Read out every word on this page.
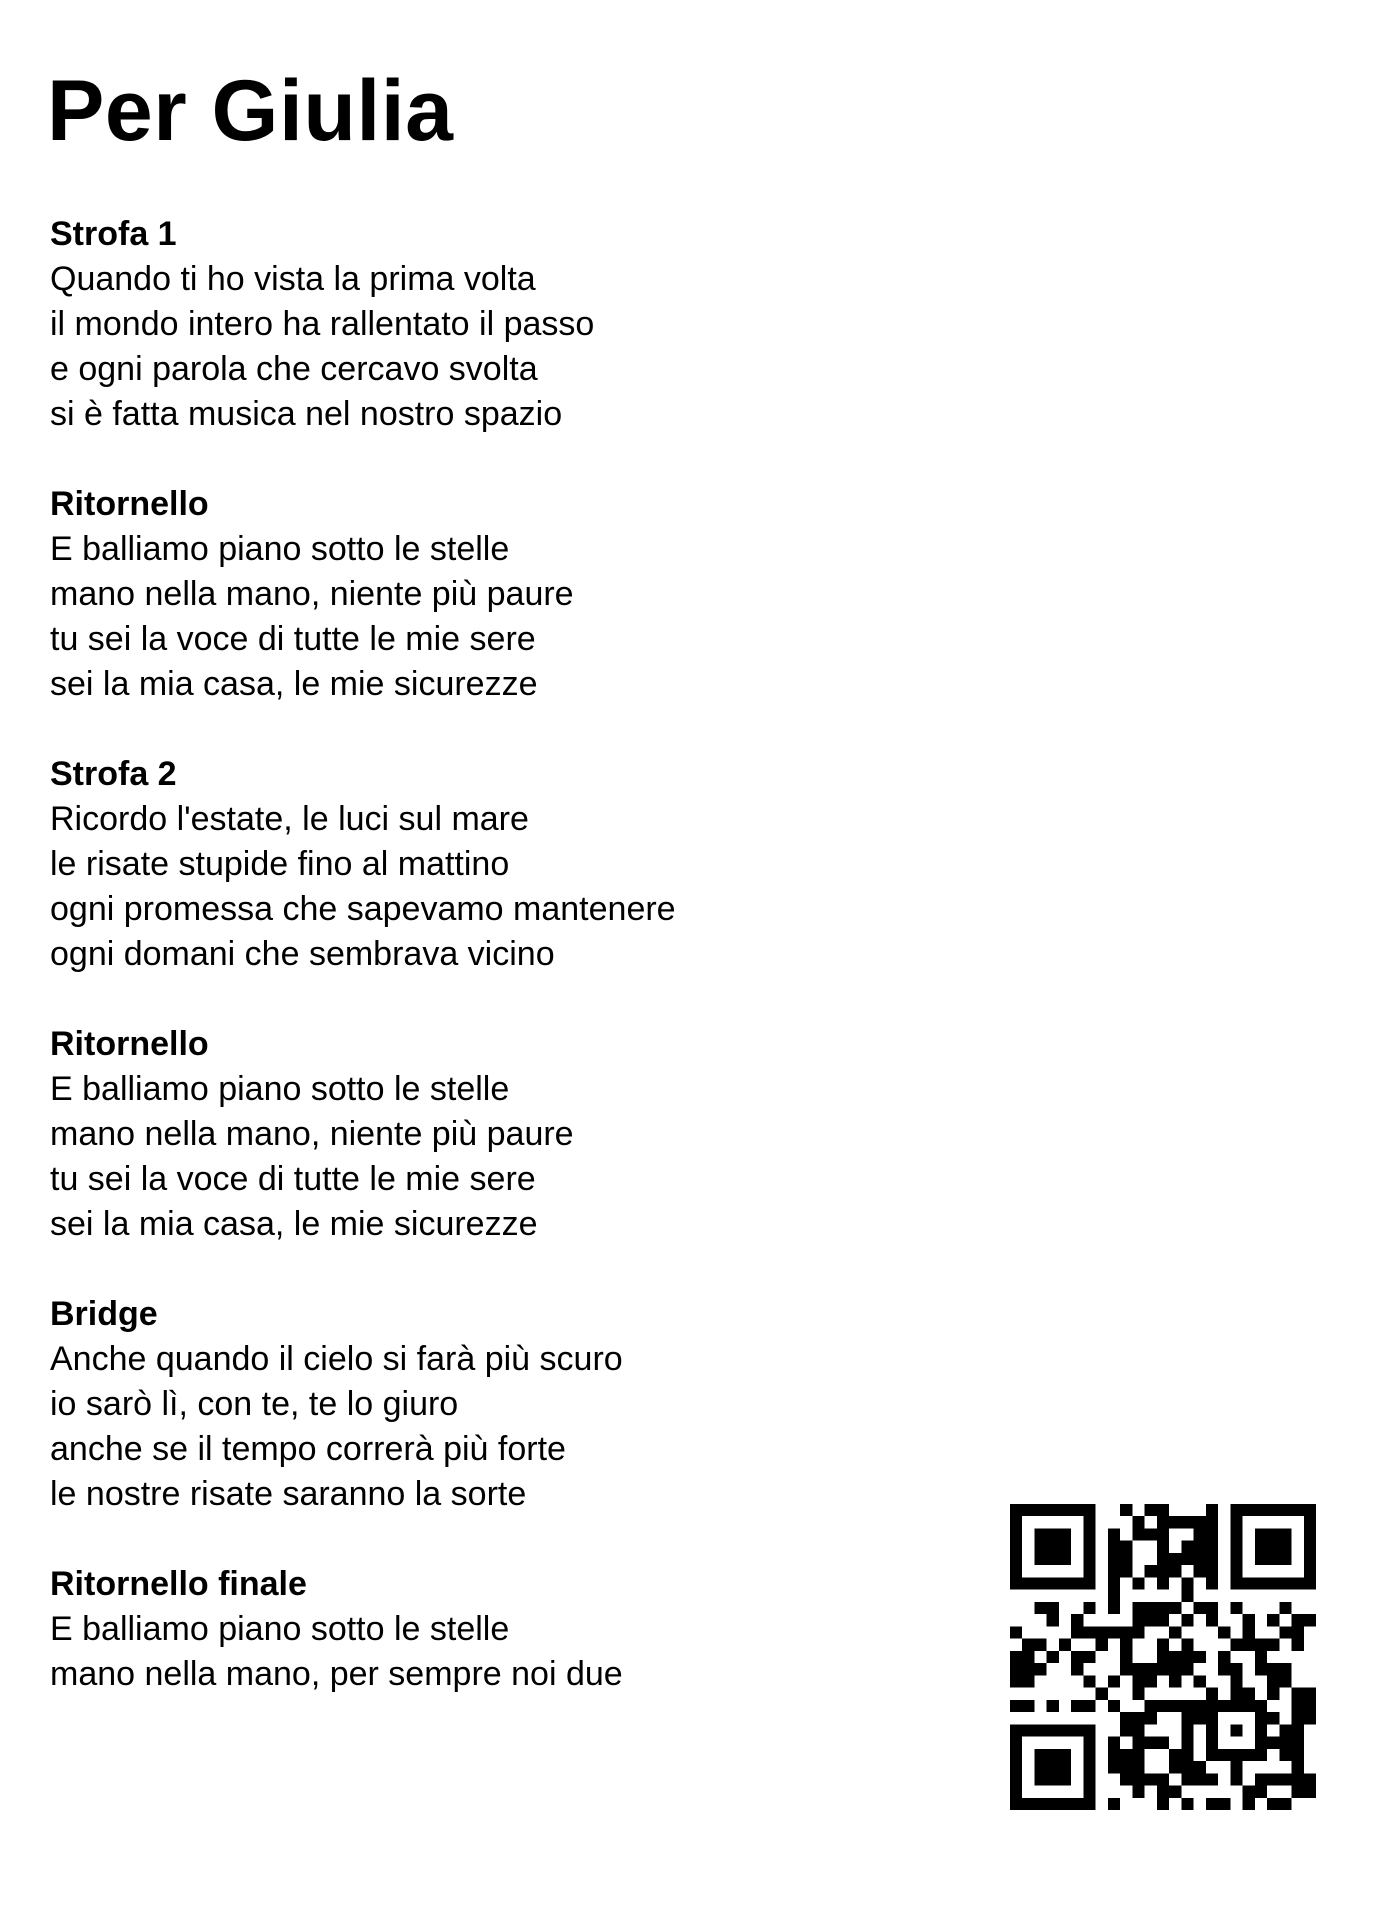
Per Giulia
Strofa 1
Quando ti ho vista la prima volta
il mondo intero ha rallentato il passo
e ogni parola che cercavo svolta
si è fatta musica nel nostro spazio
Ritornello
E balliamo piano sotto le stelle
mano nella mano, niente più paure
tu sei la voce di tutte le mie sere
sei la mia casa, le mie sicurezze
Strofa 2
Ricordo l'estate, le luci sul mare
le risate stupide fino al mattino
ogni promessa che sapevamo mantenere
ogni domani che sembrava vicino
Ritornello
E balliamo piano sotto le stelle
mano nella mano, niente più paure
tu sei la voce di tutte le mie sere
sei la mia casa, le mie sicurezze
Bridge
Anche quando il cielo si farà più scuro
io sarò lì, con te, te lo giuro
anche se il tempo correrà più forte
le nostre risate saranno la sorte
Ritornello finale
E balliamo piano sotto le stelle
mano nella mano, per sempre noi due
